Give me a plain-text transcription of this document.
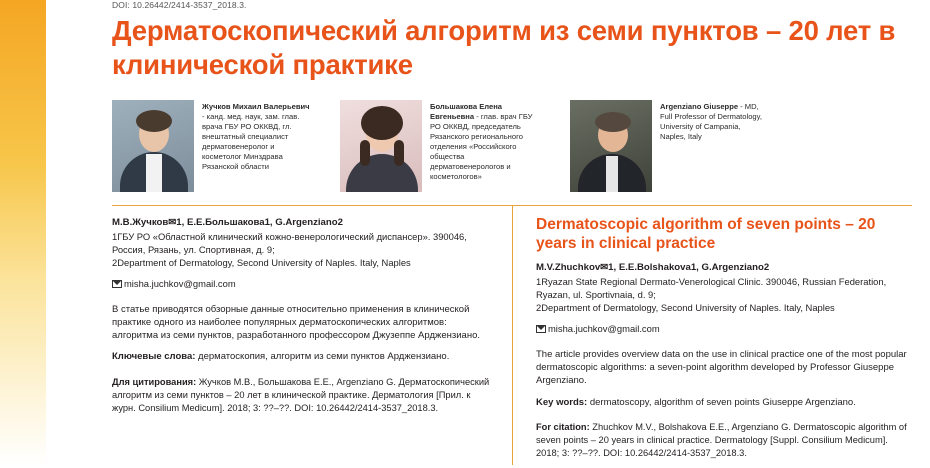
DOI: 10.26442/2414-3537_2018.3.
Дерматоскопический алгоритм из семи пунктов – 20 лет в клинической практике
Жучков Михаил Валерьевич - канд. мед. наук, зам. глав. врача ГБУ РО ОККВД, гл. внештатный специалист дерматовенеролог и косметолог Минздрава Рязанской области
Большакова Елена Евгеньевна - глав. врач ГБУ РО ОККВД, председатель Рязанского регионального отделения «Российского общества дерматовенерологов и косметологов»
Argenziano Giuseppe - MD, Full Professor of Dermatology, University of Campania, Naples, Italy

М.В.Жучков✉1, Е.Е.Большакова1, G.Argenziano2

1ГБУ РО «Областной клинический кожно-венерологический диспансер». 390046, Россия, Рязань, ул. Спортивная, д. 9;
2Department of Dermatology, Second University of Naples. Italy, Naples

misha.juchkov@gmail.com

В статье приводятся обзорные данные относительно применения в клинической практике одного из наиболее популярных дерматоскопических алгоритмов: алгоритма из семи пунктов, разработанного профессором Джузеппе Арджензиано.

Ключевые слова: дерматоскопия, алгоритм из семи пунктов Арджензиано.

Для цитирования: Жучков М.В., Большакова Е.Е., Argenziano G. Дерматоскопический алгоритм из семи пунктов – 20 лет в клинической практике. Дерматология [Прил. к журн. Consilium Medicum]. 2018; 3: ??–??. DOI: 10.26442/2414-3537_2018.3.

Dermatoscopic algorithm of seven points – 20 years in clinical practice

M.V.Zhuchkov✉1, E.E.Bolshakova1, G.Argenziano2

1Ryazan State Regional Dermato-Venerological Clinic. 390046, Russian Federation, Ryazan, ul. Sportivnaia, d. 9;
2Department of Dermatology, Second University of Naples. Italy, Naples

misha.juchkov@gmail.com

The article provides overview data on the use in clinical practice one of the most popular dermatoscopic algorithms: a seven-point algorithm developed by Professor Giuseppe Argenziano.

Key words: dermatoscopy, algorithm of seven points Giuseppe Argenziano.

For citation: Zhuchkov M.V., Bolshakova E.E., Argenziano G. Dermatoscopic algorithm of seven points – 20 years in clinical practice. Dermatology [Suppl. Consilium Medicum]. 2018; 3: ??–??. DOI: 10.26442/2414-3537_2018.3.
